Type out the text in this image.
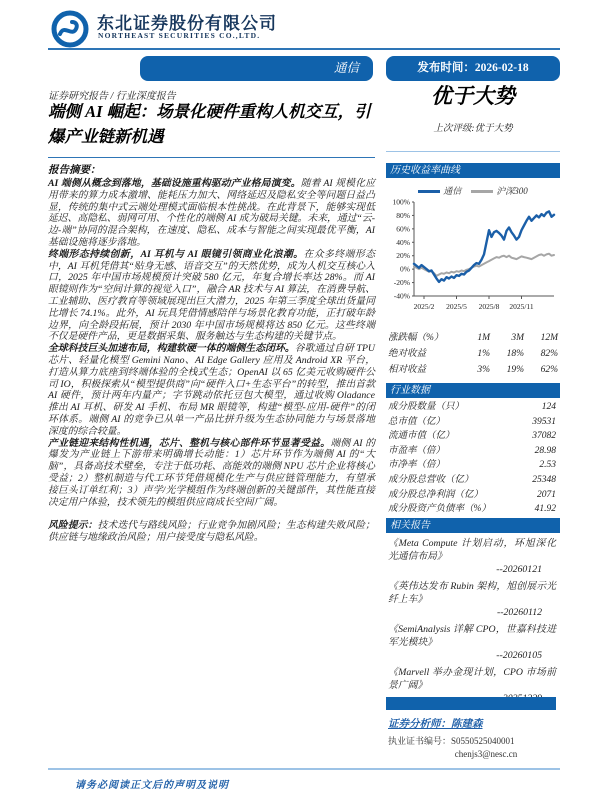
东北证券股份有限公司
NORTHEAST SECURITIES CO.,LTD.
通信	发布时间：2026-02-18
证券研究报告 / 行业深度报告	优于大势
上次评级:优于大势
端侧 AI 崛起：场景化硬件重构人机交互，引爆产业链新机遇
报告摘要：
AI 端侧从概念到落地，基础设施重构驱动产业格局演变。随着 AI 规模化应用带来的算力成本激增、能耗压力加大、网络延迟及隐私安全等问题日益凸显，传统的集中式云端处理模式面临根本性挑战。在此背景下，能够实现低延迟、高隐私、弱网可用、个性化的端侧 AI 成为破局关键。未来，通过“云-边-端”协同的混合架构，在速度、隐私、成本与智能之间实现最优平衡，AI 基础设施将逐步落地。
终端形态持续创新，AI 耳机与 AI 眼镜引领商业化浪潮。在众多终端形态中，AI 耳机凭借其“贴身无感、语音交互”的天然优势，成为人机交互核心入口，2025 年中国市场规模预计突破 580 亿元，年复合增长率达 28%。而 AI 眼镜则作为“空间计算的视觉入口”，融合 AR 技术与 AI 算法，在消费导航、工业辅助、医疗教育等领域展现出巨大潜力，2025 年第三季度全球出货量同比增长 74.1%。此外，AI 玩具凭借情感陪伴与场景化教育功能，正打破年龄边界，向全龄段拓展，预计 2030 年中国市场规模将达 850 亿元。这些终端不仅是硬件产品，更是数据采集、服务触达与生态构建的关键节点。
全球科技巨头加速布局，构建软硬一体的端侧生态闭环。谷歌通过自研 TPU 芯片、轻量化模型 Gemini Nano、AI Edge Gallery 应用及 Android XR 平台，打造从算力底座到终端体验的全栈式生态；OpenAI 以 65 亿美元收购硬件公司 IO，积极探索从“模型提供商”向“硬件入口+生态平台”的转型，推出首款 AI 硬件，预计两年内量产；字节跳动依托豆包大模型，通过收购 Oladance 推出 AI 耳机、研发 AI 手机、布局 MR 眼镜等，构建“模型-应用-硬件”的闭环体系。端侧 AI 的竞争已从单一产品比拼升级为生态协同能力与场景落地深度的综合较量。
产业链迎来结构性机遇，芯片、整机与核心部件环节显著受益。端侧 AI 的爆发为产业链上下游带来明确增长动能：1）芯片环节作为端侧 AI 的“大脑”，具备高技术壁垒，专注于低功耗、高能效的端侧 NPU 芯片企业将核心受益；2）整机制造与代工环节凭借规模化生产与供应链管理能力，有望承接巨头订单红利；3）声学/光学模组作为终端创新的关键部件，其性能直接决定用户体验，技术领先的模组供应商成长空间广阔。
风险提示：技术迭代与路线风险；行业竞争加剧风险；生态构建失败风险；供应链与地缘政治风险；用户接受度与隐私风险。
历史收益率曲线
通信	沪深300
100%
80%
60%
40%
20%
0%
-20%
-40%
2025/2 2025/5 2025/8 2025/11
涨跌幅（%）	1M	3M	12M
绝对收益	1%	18%	82%
相对收益	3%	19%	62%
行业数据
成分股数量（只）	124
总市值（亿）	39531
流通市值（亿）	37082
市盈率（倍）	28.98
市净率（倍）	2.53
成分股总营收（亿）	25348
成分股总净利润（亿）	2071
成分股资产负债率（%）	41.92
相关报告
《Meta Compute 计划启动，环旭深化光通信布局》
--20260121
《英伟达发布 Rubin 架构，旭创展示光纤上车》
--20260112
《SemiAnalysis 详解 CPO，世嘉科技进军光模块》
--20260105
《Marvell 举办金现计划，CPO 市场前景广阔》
证券分析师：陈建森
执业证书编号：S0550525040001
chenjs3@nesc.cn
请务必阅读正文后的声明及说明
